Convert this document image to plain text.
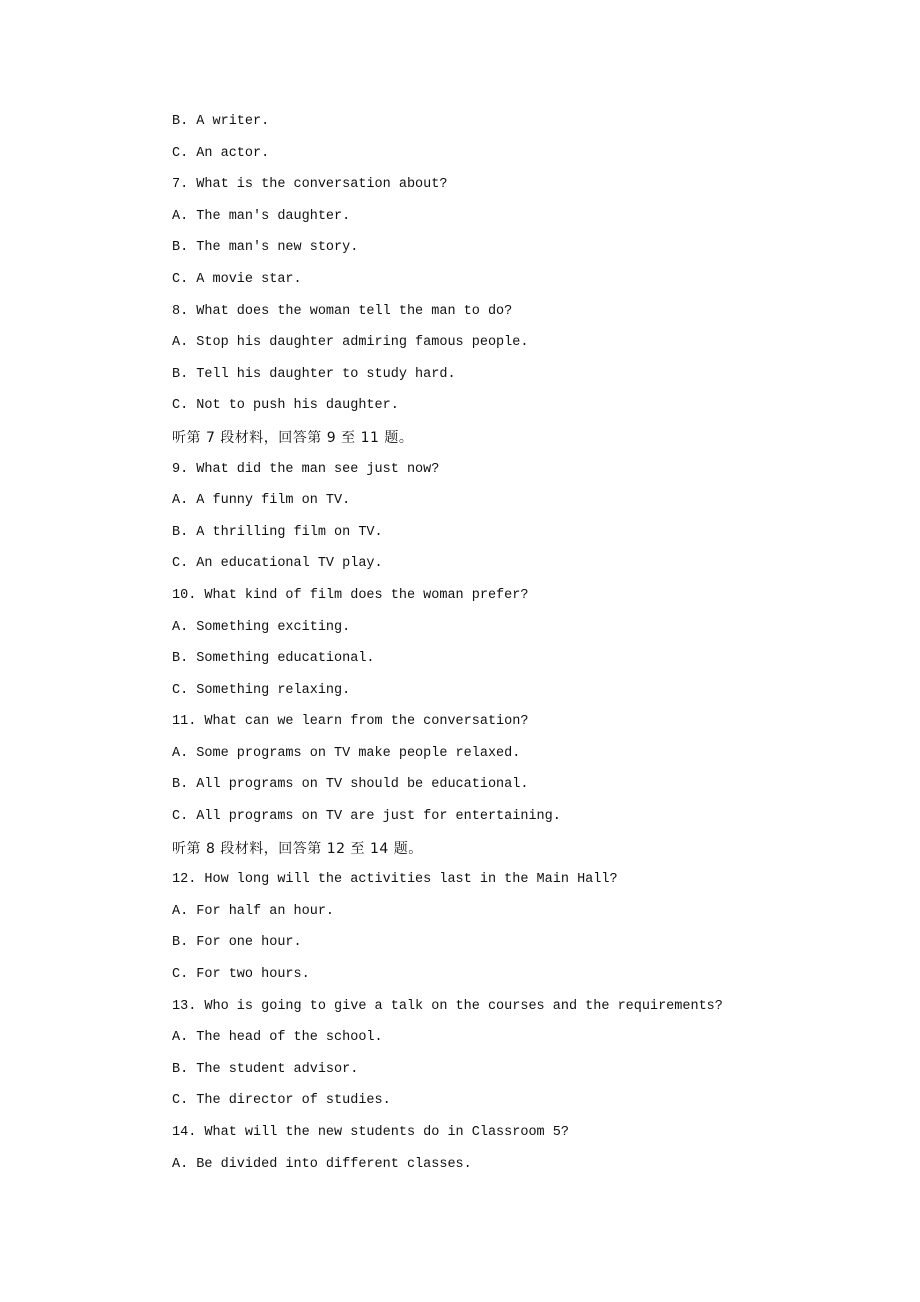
B. A writer.
C. An actor.
7. What is the conversation about?
A. The man's daughter.
B. The man's new story.
C. A movie star.
8. What does the woman tell the man to do?
A. Stop his daughter admiring famous people.
B. Tell his daughter to study hard.
C. Not to push his daughter.
听第 7 段材料，回答第 9 至 11 题。
9. What did the man see just now?
A. A funny film on TV.
B. A thrilling film on TV.
C. An educational TV play.
10. What kind of film does the woman prefer?
A. Something exciting.
B. Something educational.
C. Something relaxing.
11. What can we learn from the conversation?
A. Some programs on TV make people relaxed.
B. All programs on TV should be educational.
C. All programs on TV are just for entertaining.
听第 8 段材料，回答第 12 至 14 题。
12. How long will the activities last in the Main Hall?
A. For half an hour.
B. For one hour.
C. For two hours.
13. Who is going to give a talk on the courses and the requirements?
A. The head of the school.
B. The student advisor.
C. The director of studies.
14. What will the new students do in Classroom 5?
A. Be divided into different classes.
